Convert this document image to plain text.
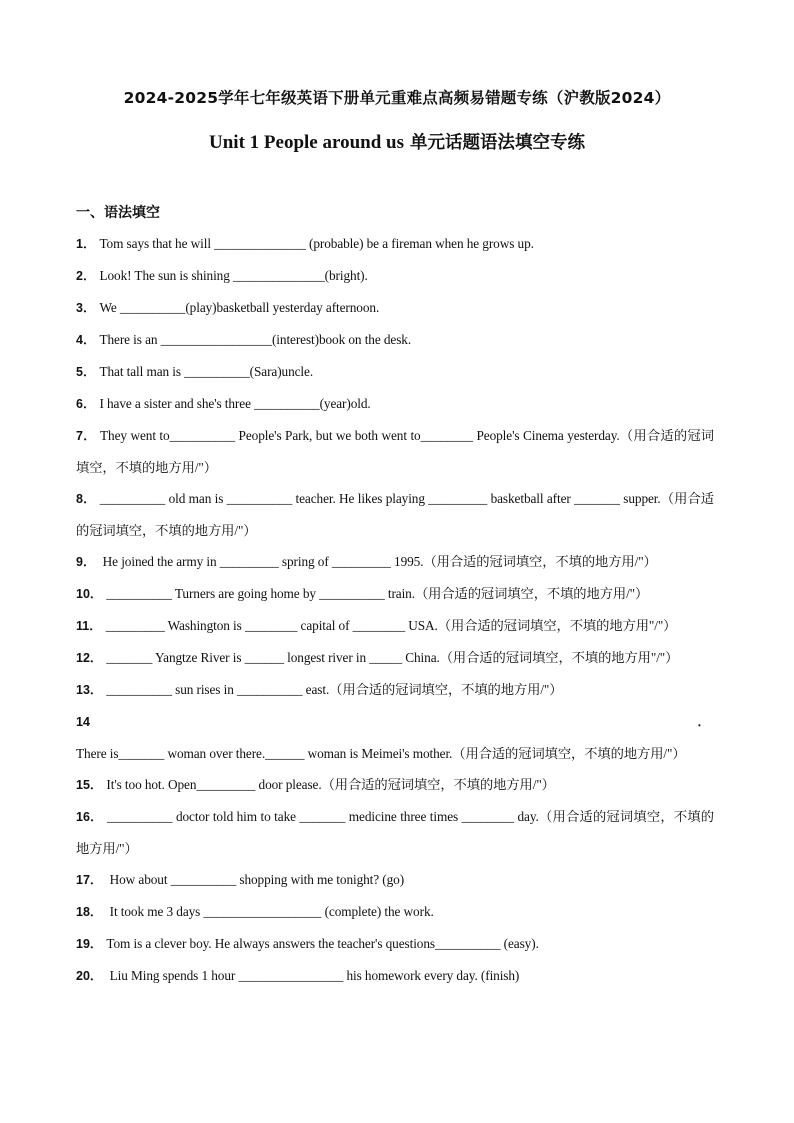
2024-2025学年七年级英语下册单元重难点高频易错题专练（沪教版2024）
Unit 1 People around us 单元话题语法填空专练
一、语法填空

1． Tom says that he will ______________ (probable) be a fireman when he grows up.

2． Look! The sun is shining ______________(bright).

3． We __________(play)basketball yesterday afternoon.

4． There is an _________________(interest)book on the desk.

5． That tall man is __________(Sara)uncle.

6． I have a sister and she's three __________(year)old.

7． They went to__________ People's Park, but we both went to________ People's Cinema yesterday.（用合适的冠词填空，不填的地方用/"）

8． __________ old man is __________ teacher. He likes playing _________ basketball after _______ supper.（用合适的冠词填空，不填的地方用/"）

9． He joined the army in _________ spring of _________ 1995.（用合适的冠词填空，不填的地方用/"）

10． __________ Turners are going home by __________ train.（用合适的冠词填空，不填的地方用/"）

11． _________ Washington is ________ capital of ________ USA.（用合适的冠词填空，不填的地方用"/"）

12． _______ Yangtze River is ______ longest river in _____ China.（用合适的冠词填空，不填的地方用"/"）

13． __________ sun rises in __________ east.（用合适的冠词填空，不填的地方用/"）

14．There is_______ woman over there.______ woman is Meimei's mother.（用合适的冠词填空，不填的地方用/"）

15． It's too hot. Open_________ door please.（用合适的冠词填空，不填的地方用/"）

16． __________ doctor told him to take _______ medicine three times ________ day.（用合适的冠词填空，不填的地方用/"）

17． How about __________ shopping with me tonight? (go)

18． It took me 3 days __________________ (complete) the work.

19． Tom is a clever boy. He always answers the teacher's questions__________ (easy).

20． Liu Ming spends 1 hour ________________ his homework every day. (finish)
